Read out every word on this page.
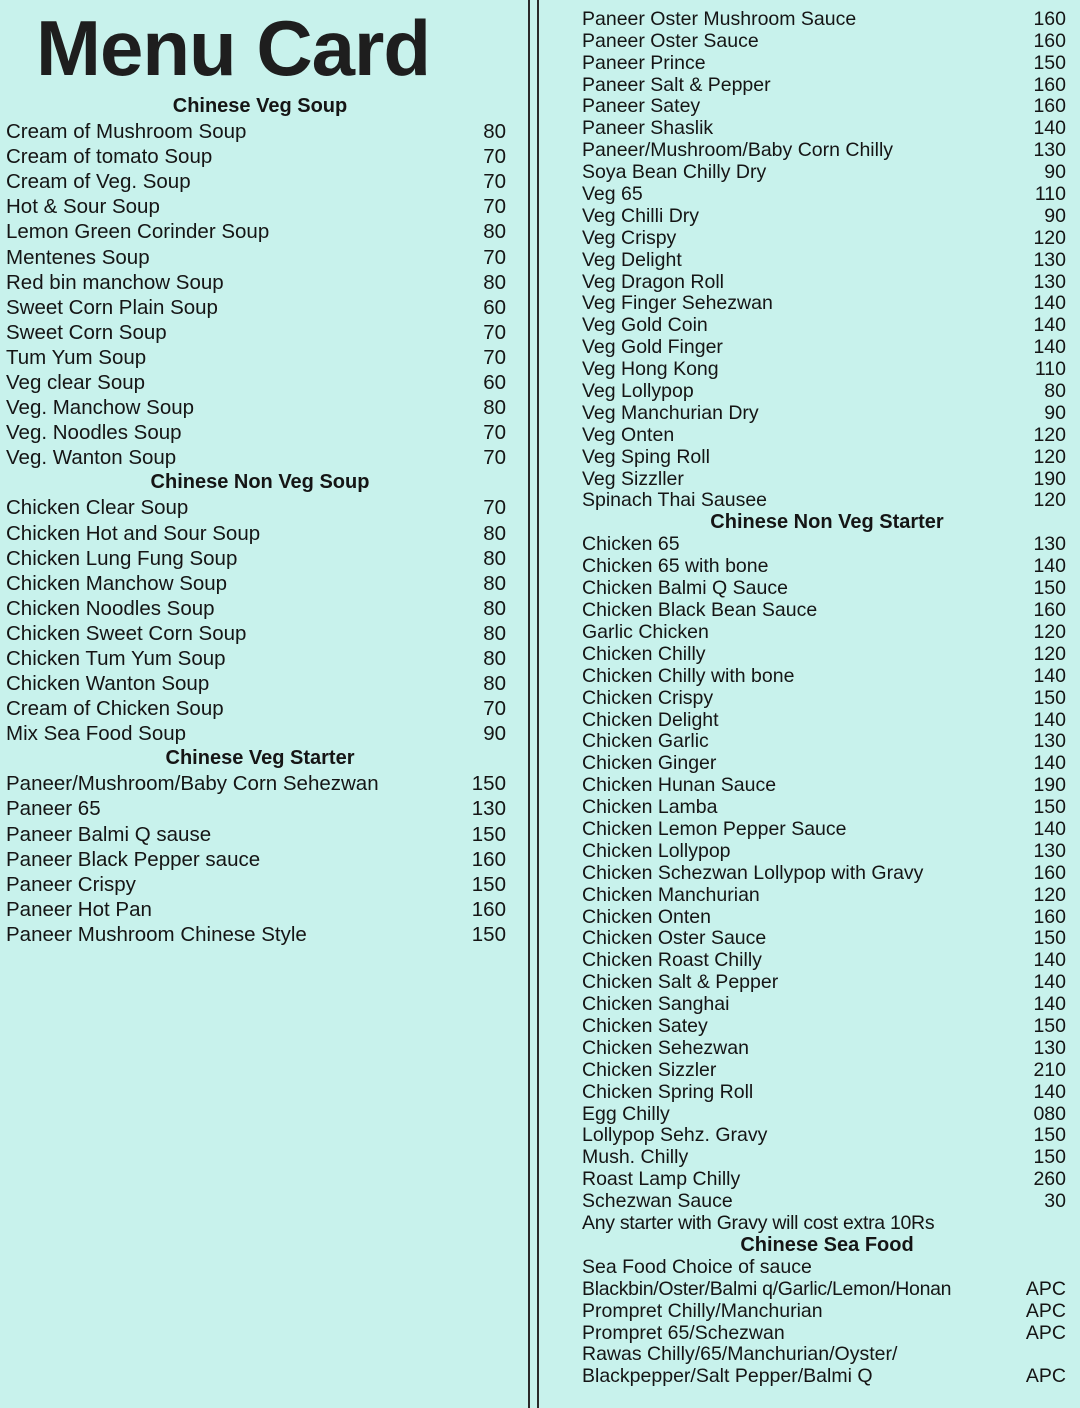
Menu Card
Chinese Veg Soup
Cream of Mushroom Soup	80
Cream of tomato Soup	70
Cream of Veg. Soup	70
Hot & Sour Soup	70
Lemon Green Corinder Soup	80
Mentenes Soup	70
Red bin manchow Soup	80
Sweet Corn Plain Soup	60
Sweet Corn Soup	70
Tum Yum Soup	70
Veg clear Soup	60
Veg. Manchow Soup	80
Veg. Noodles Soup	70
Veg. Wanton Soup	70
Chinese Non Veg Soup
Chicken Clear Soup	70
Chicken Hot and Sour Soup	80
Chicken Lung Fung Soup	80
Chicken Manchow Soup	80
Chicken Noodles Soup	80
Chicken Sweet Corn Soup	80
Chicken Tum Yum Soup	80
Chicken Wanton Soup	80
Cream of Chicken Soup	70
Mix Sea Food Soup	90
Chinese Veg Starter
Paneer/Mushroom/Baby Corn Sehezwan	150
Paneer 65	130
Paneer Balmi Q sause	150
Paneer Black Pepper sauce	160
Paneer Crispy	150
Paneer Hot Pan	160
Paneer Mushroom Chinese Style	150
Paneer Oster Mushroom Sauce	160
Paneer Oster Sauce	160
Paneer Prince	150
Paneer Salt & Pepper	160
Paneer Satey	160
Paneer Shaslik	140
Paneer/Mushroom/Baby Corn Chilly	130
Soya Bean Chilly Dry	90
Veg 65	110
Veg Chilli Dry	90
Veg Crispy	120
Veg Delight	130
Veg Dragon Roll	130
Veg Finger Sehezwan	140
Veg Gold Coin	140
Veg Gold Finger	140
Veg Hong Kong	110
Veg Lollypop	80
Veg Manchurian Dry	90
Veg Onten	120
Veg Sping Roll	120
Veg Sizzller	190
Spinach Thai Sausee	120
Chinese Non Veg Starter
Chicken 65	130
Chicken 65 with bone	140
Chicken Balmi Q Sauce	150
Chicken Black Bean Sauce	160
Garlic Chicken	120
Chicken Chilly	120
Chicken Chilly with bone	140
Chicken Crispy	150
Chicken Delight	140
Chicken Garlic	130
Chicken Ginger	140
Chicken Hunan Sauce	190
Chicken Lamba	150
Chicken Lemon Pepper Sauce	140
Chicken Lollypop	130
Chicken Schezwan Lollypop with Gravy	160
Chicken Manchurian	120
Chicken Onten	160
Chicken Oster Sauce	150
Chicken Roast Chilly	140
Chicken Salt & Pepper	140
Chicken Sanghai	140
Chicken Satey	150
Chicken Sehezwan	130
Chicken Sizzler	210
Chicken Spring Roll	140
Egg Chilly	080
Lollypop Sehz. Gravy	150
Mush. Chilly	150
Roast Lamp Chilly	260
Schezwan Sauce	30
Any starter with Gravy will cost extra 10Rs
Chinese Sea Food
Sea Food Choice of sauce
Blackbin/Oster/Balmi q/Garlic/Lemon/Honan	APC
Prompret Chilly/Manchurian	APC
Prompret 65/Schezwan	APC
Rawas Chilly/65/Manchurian/Oyster/
Blackpepper/Salt Pepper/Balmi Q	APC
